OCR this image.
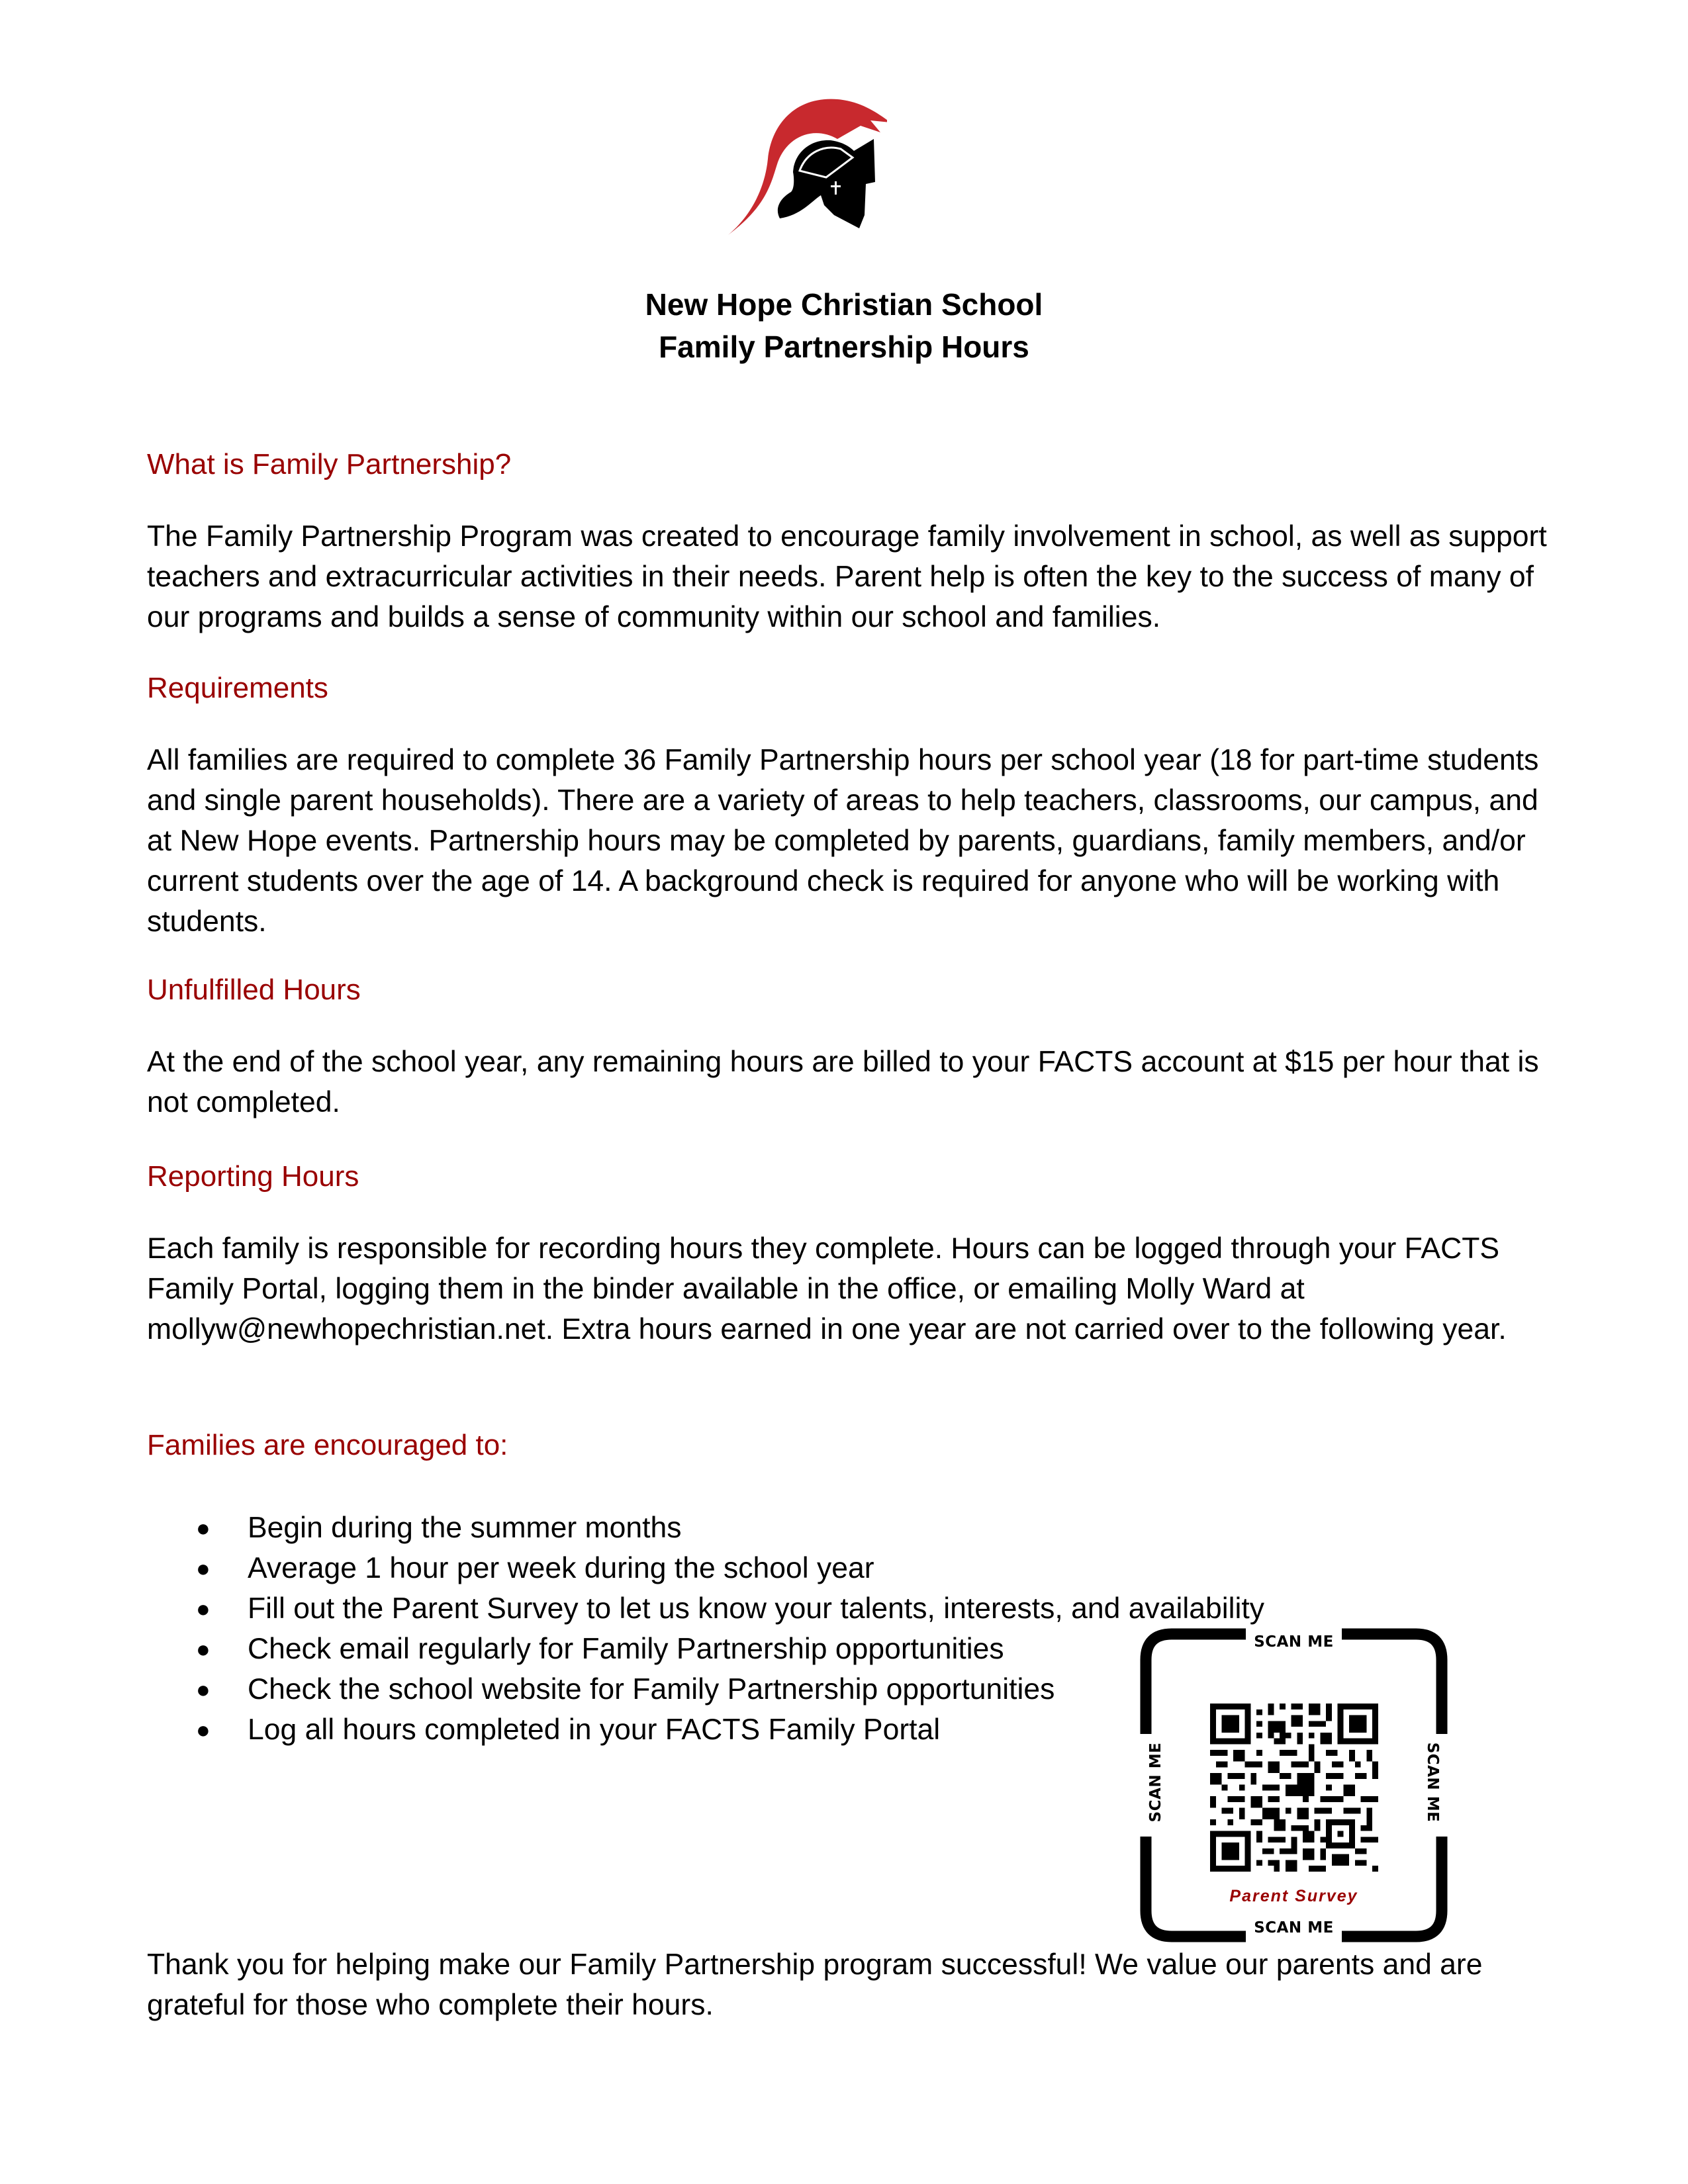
New Hope Christian School
Family Partnership Hours
What is Family Partnership?

The Family Partnership Program was created to encourage family involvement in school, as well as support teachers and extracurricular activities in their needs. Parent help is often the key to the success of many of our programs and builds a sense of community within our school and families.

Requirements

All families are required to complete 36 Family Partnership hours per school year (18 for part-time students and single parent households). There are a variety of areas to help teachers, classrooms, our campus, and at New Hope events. Partnership hours may be completed by parents, guardians, family members, and/or current students over the age of 14. A background check is required for anyone who will be working with students.

Unfulfilled Hours

At the end of the school year, any remaining hours are billed to your FACTS account at $15 per hour that is not completed.

Reporting Hours

Each family is responsible for recording hours they complete. Hours can be logged through your FACTS Family Portal, logging them in the binder available in the office, or emailing Molly Ward at mollyw@newhopechristian.net. Extra hours earned in one year are not carried over to the following year.

Families are encouraged to:
● Begin during the summer months
● Average 1 hour per week during the school year
● Fill out the Parent Survey to let us know your talents, interests, and availability
● Check email regularly for Family Partnership opportunities
● Check the school website for Family Partnership opportunities
● Log all hours completed in your FACTS Family Portal
SCAN ME
SCAN ME
SCAN ME	SCAN ME
Parent Survey

Thank you for helping make our Family Partnership program successful! We value our parents and are grateful for those who complete their hours.
